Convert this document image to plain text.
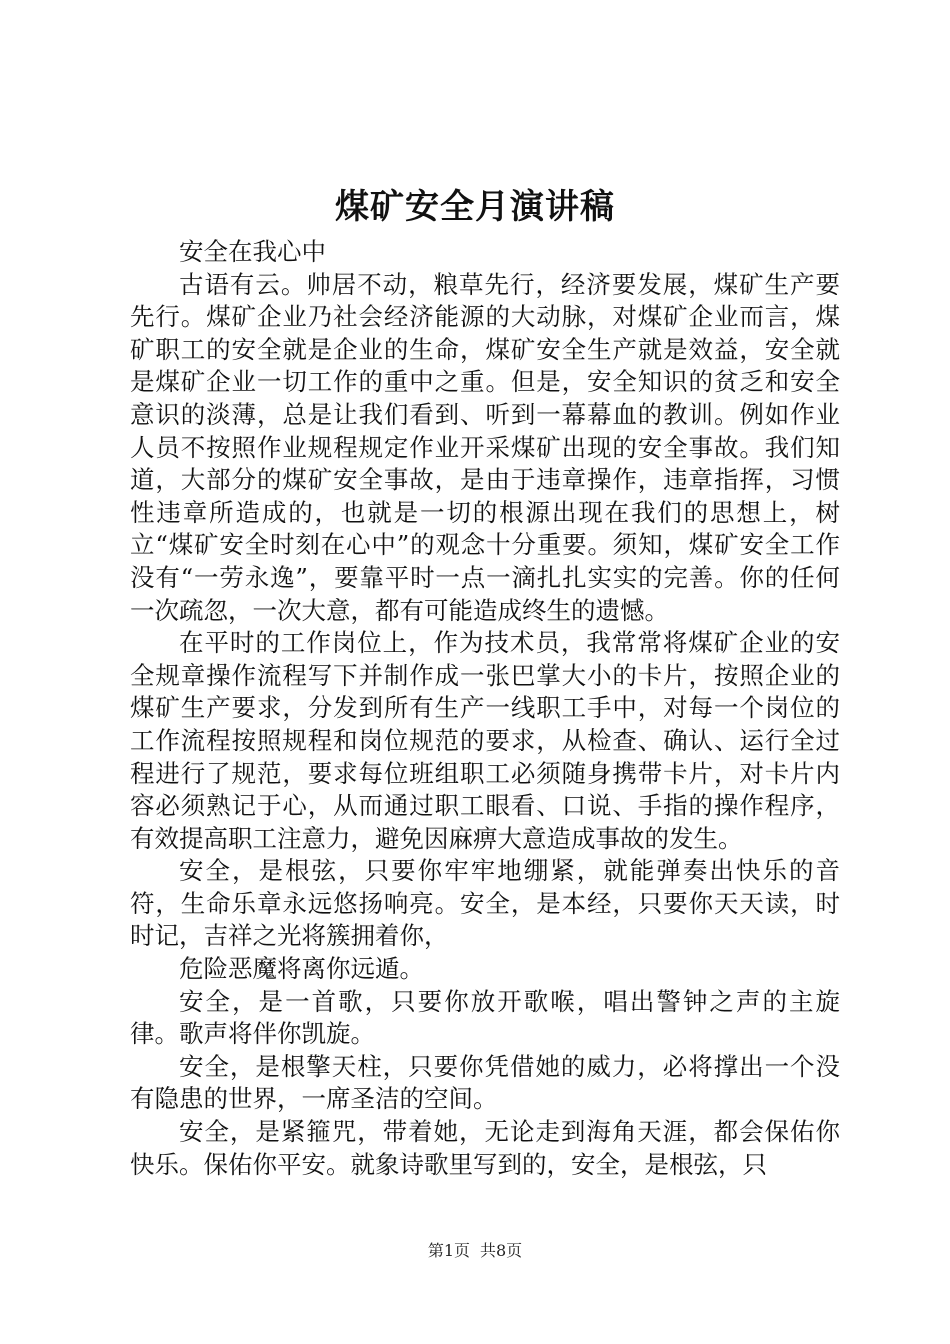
煤矿安全月演讲稿

安全在我心中

古语有云。帅居不动，粮草先行，经济要发展，煤矿生产要先行。煤矿企业乃社会经济能源的大动脉，对煤矿企业而言，煤矿职工的安全就是企业的生命，煤矿安全生产就是效益，安全就是煤矿企业一切工作的重中之重。但是，安全知识的贫乏和安全意识的淡薄，总是让我们看到、听到一幕幕血的教训。例如作业人员不按照作业规程规定作业开采煤矿出现的安全事故。我们知道，大部分的煤矿安全事故，是由于违章操作，违章指挥，习惯性违章所造成的，也就是一切的根源出现在我们的思想上，树立“煤矿安全时刻在心中”的观念十分重要。须知，煤矿安全工作没有“一劳永逸”，要靠平时一点一滴扎扎实实的完善。你的任何一次疏忽，一次大意，都有可能造成终生的遗憾。

在平时的工作岗位上，作为技术员，我常常将煤矿企业的安全规章操作流程写下并制作成一张巴掌大小的卡片，按照企业的煤矿生产要求，分发到所有生产一线职工手中，对每一个岗位的工作流程按照规程和岗位规范的要求，从检查、确认、运行全过程进行了规范，要求每位班组职工必须随身携带卡片，对卡片内容必须熟记于心，从而通过职工眼看、口说、手指的操作程序，有效提高职工注意力，避免因麻痹大意造成事故的发生。

安全，是根弦，只要你牢牢地绷紧，就能弹奏出快乐的音符，生命乐章永远悠扬响亮。安全，是本经，只要你天天读，时时记，吉祥之光将簇拥着你，

危险恶魔将离你远遁。

安全，是一首歌，只要你放开歌喉，唱出警钟之声的主旋律。歌声将伴你凯旋。

安全，是根擎天柱，只要你凭借她的威力，必将撑出一个没有隐患的世界，一席圣洁的空间。

安全，是紧箍咒，带着她，无论走到海角天涯，都会保佑你快乐。保佑你平安。就象诗歌里写到的，安全，是根弦，只

第1页 共8页
